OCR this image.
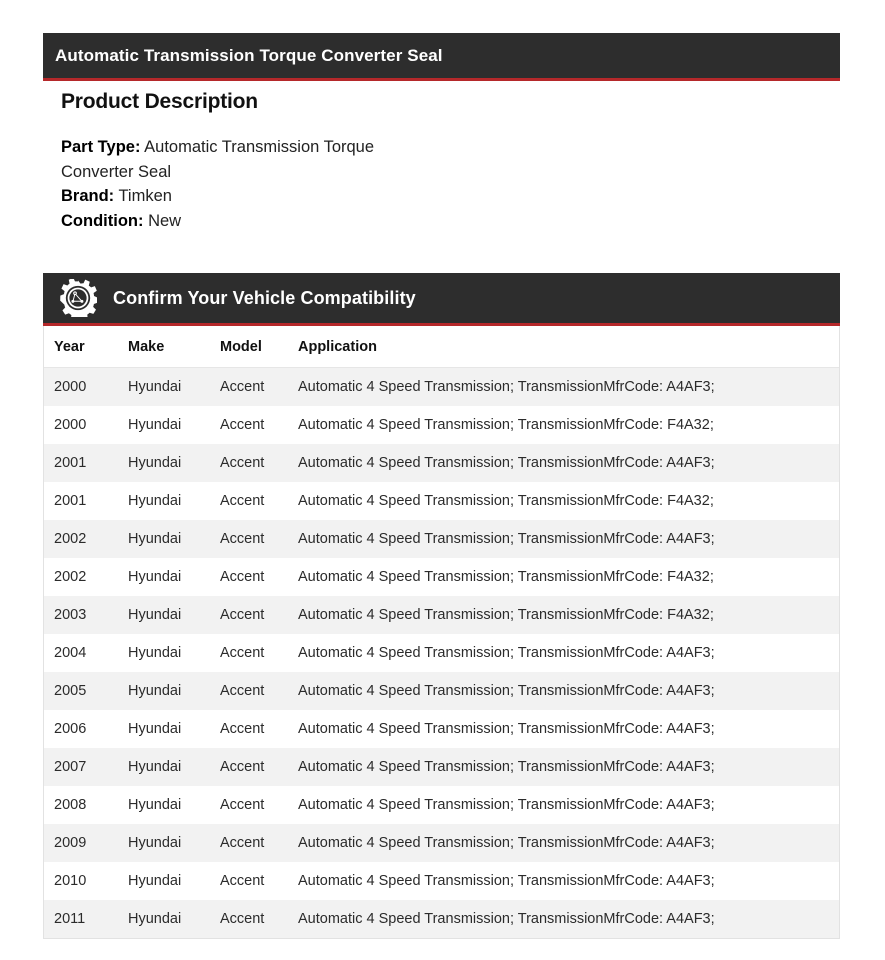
Automatic Transmission Torque Converter Seal
Product Description
Part Type: Automatic Transmission Torque
Converter Seal
Brand: Timken
Condition: New
Confirm Your Vehicle Compatibility
Year	Make	Model	Application
2000	Hyundai	Accent	Automatic 4 Speed Transmission; TransmissionMfrCode: A4AF3;
2000	Hyundai	Accent	Automatic 4 Speed Transmission; TransmissionMfrCode: F4A32;
2001	Hyundai	Accent	Automatic 4 Speed Transmission; TransmissionMfrCode: A4AF3;
2001	Hyundai	Accent	Automatic 4 Speed Transmission; TransmissionMfrCode: F4A32;
2002	Hyundai	Accent	Automatic 4 Speed Transmission; TransmissionMfrCode: A4AF3;
2002	Hyundai	Accent	Automatic 4 Speed Transmission; TransmissionMfrCode: F4A32;
2003	Hyundai	Accent	Automatic 4 Speed Transmission; TransmissionMfrCode: F4A32;
2004	Hyundai	Accent	Automatic 4 Speed Transmission; TransmissionMfrCode: A4AF3;
2005	Hyundai	Accent	Automatic 4 Speed Transmission; TransmissionMfrCode: A4AF3;
2006	Hyundai	Accent	Automatic 4 Speed Transmission; TransmissionMfrCode: A4AF3;
2007	Hyundai	Accent	Automatic 4 Speed Transmission; TransmissionMfrCode: A4AF3;
2008	Hyundai	Accent	Automatic 4 Speed Transmission; TransmissionMfrCode: A4AF3;
2009	Hyundai	Accent	Automatic 4 Speed Transmission; TransmissionMfrCode: A4AF3;
2010	Hyundai	Accent	Automatic 4 Speed Transmission; TransmissionMfrCode: A4AF3;
2011	Hyundai	Accent	Automatic 4 Speed Transmission; TransmissionMfrCode: A4AF3;
